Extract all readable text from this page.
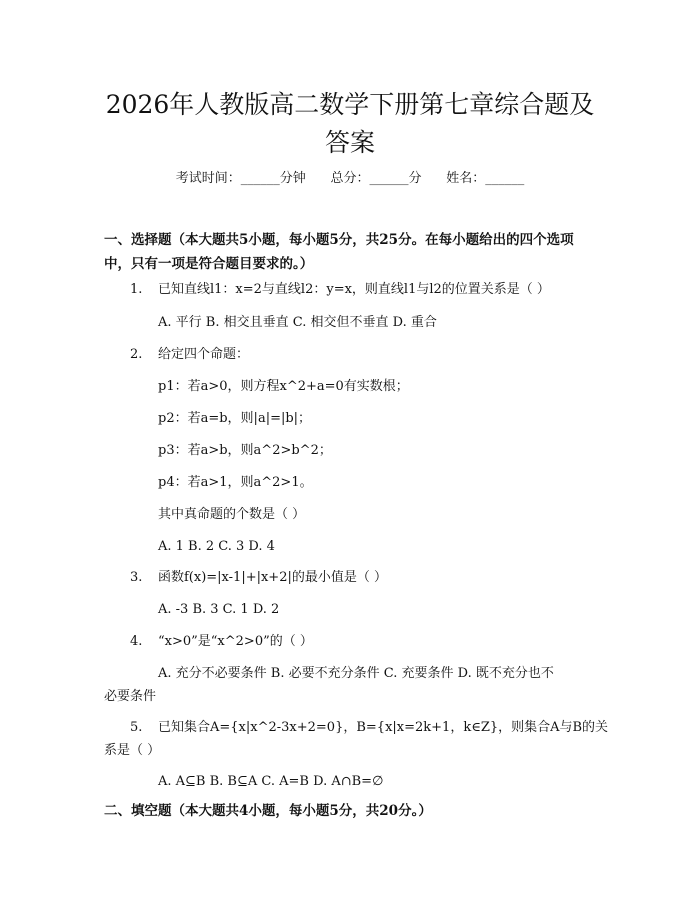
2026年人教版高二数学下册第七章综合题及
答案
考试时间：______分钟      总分：______分      姓名：______
一、选择题（本大题共5小题，每小题5分，共25分。在每小题给出的四个选项
中，只有一项是符合题目要求的。）
1. 已知直线l1：x=2与直线l2：y=x，则直线l1与l2的位置关系是（ ）
A. 平行 B. 相交且垂直 C. 相交但不垂直 D. 重合
2. 给定四个命题：
p1：若a>0，则方程x^2+a=0有实数根；
p2：若a=b，则|a|=|b|；
p3：若a>b，则a^2>b^2；
p4：若a>1，则a^2>1。
其中真命题的个数是（ ）
A. 1 B. 2 C. 3 D. 4
3. 函数f(x)=|x-1|+|x+2|的最小值是（ ）
A. -3 B. 3 C. 1 D. 2
4. “x>0”是“x^2>0”的（ ）
A. 充分不必要条件 B. 必要不充分条件 C. 充要条件 D. 既不充分也不
必要条件
5. 已知集合A={x|x^2-3x+2=0}，B={x|x=2k+1，k∈Z}，则集合A与B的关
系是（ ）
A. A⊆B B. B⊆A C. A=B D. A∩B=∅
二、填空题（本大题共4小题，每小题5分，共20分。）
